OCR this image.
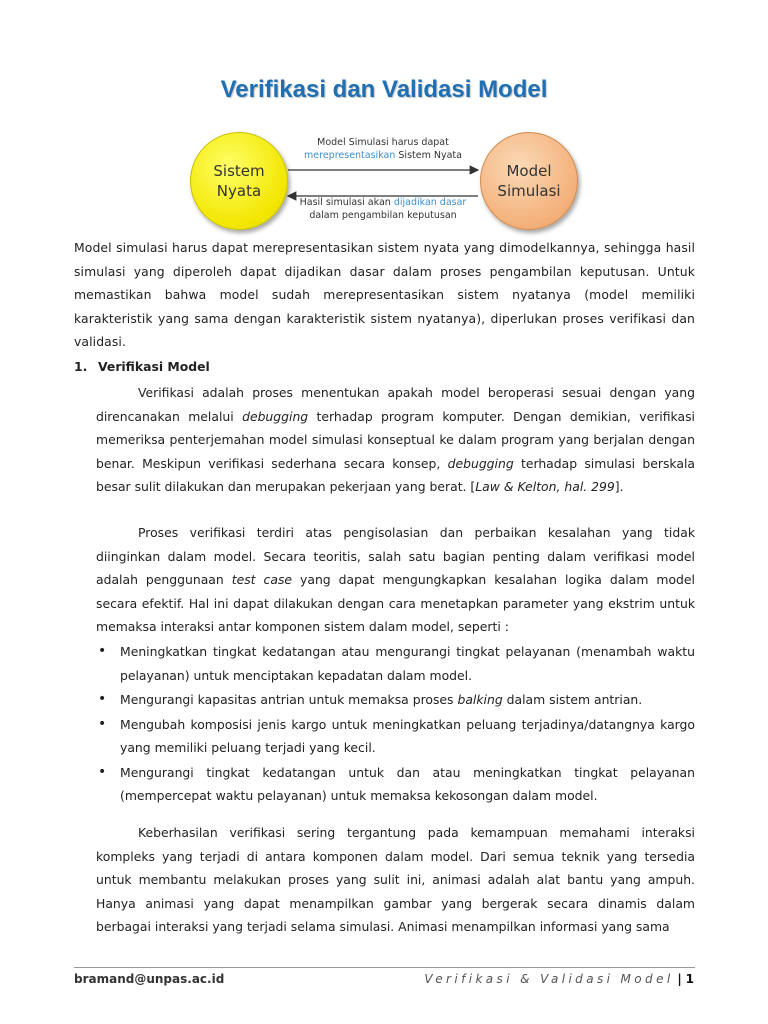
Verifikasi dan Validasi Model
Sistem
Nyata
Model
Simulasi
Model Simulasi harus dapat
merepresentasikan Sistem Nyata
Hasil simulasi akan dijadikan dasar
dalam pengambilan keputusan

Model simulasi harus dapat merepresentasikan sistem nyata yang dimodelkannya, sehingga hasil simulasi yang diperoleh dapat dijadikan dasar dalam proses pengambilan keputusan. Untuk memastikan bahwa model sudah merepresentasikan sistem nyatanya (model memiliki karakteristik yang sama dengan karakteristik sistem nyatanya), diperlukan proses verifikasi dan validasi.

1. Verifikasi Model

Verifikasi adalah proses menentukan apakah model beroperasi sesuai dengan yang direncanakan melalui debugging terhadap program komputer. Dengan demikian, verifikasi memeriksa penterjemahan model simulasi konseptual ke dalam program yang berjalan dengan benar. Meskipun verifikasi sederhana secara konsep, debugging terhadap simulasi berskala besar sulit dilakukan dan merupakan pekerjaan yang berat. [Law & Kelton, hal. 299].

Proses verifikasi terdiri atas pengisolasian dan perbaikan kesalahan yang tidak diinginkan dalam model. Secara teoritis, salah satu bagian penting dalam verifikasi model adalah penggunaan test case yang dapat mengungkapkan kesalahan logika dalam model secara efektif. Hal ini dapat dilakukan dengan cara menetapkan parameter yang ekstrim untuk memaksa interaksi antar komponen sistem dalam model, seperti :

• Meningkatkan tingkat kedatangan atau mengurangi tingkat pelayanan (menambah waktu pelayanan) untuk menciptakan kepadatan dalam model.
• Mengurangi kapasitas antrian untuk memaksa proses balking dalam sistem antrian.
• Mengubah komposisi jenis kargo untuk meningkatkan peluang terjadinya/datangnya kargo yang memiliki peluang terjadi yang kecil.
• Mengurangi tingkat kedatangan untuk dan atau meningkatkan tingkat pelayanan (mempercepat waktu pelayanan) untuk memaksa kekosongan dalam model.

Keberhasilan verifikasi sering tergantung pada kemampuan memahami interaksi kompleks yang terjadi di antara komponen dalam model. Dari semua teknik yang tersedia untuk membantu melakukan proses yang sulit ini, animasi adalah alat bantu yang ampuh. Hanya animasi yang dapat menampilkan gambar yang bergerak secara dinamis dalam berbagai interaksi yang terjadi selama simulasi. Animasi menampilkan informasi yang sama

bramand@unpas.ac.id	Verifikasi & Validasi Model | 1
